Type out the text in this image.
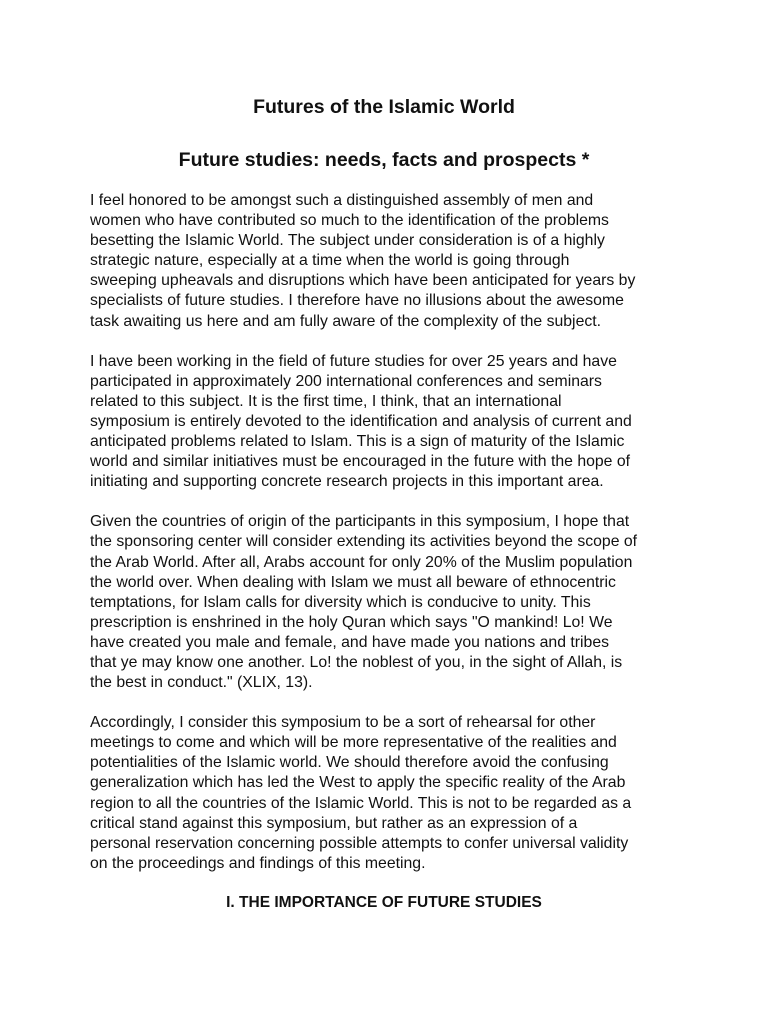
Futures of the Islamic World
Future studies: needs, facts and prospects *

I feel honored to be amongst such a distinguished assembly of men and
women who have contributed so much to the identification of the problems
besetting the Islamic World. The subject under consideration is of a highly
strategic nature, especially at a time when the world is going through
sweeping upheavals and disruptions which have been anticipated for years by
specialists of future studies. I therefore have no illusions about the awesome
task awaiting us here and am fully aware of the complexity of the subject.

I have been working in the field of future studies for over 25 years and have
participated in approximately 200 international conferences and seminars
related to this subject. It is the first time, I think, that an international
symposium is entirely devoted to the identification and analysis of current and
anticipated problems related to Islam. This is a sign of maturity of the Islamic
world and similar initiatives must be encouraged in the future with the hope of
initiating and supporting concrete research projects in this important area.

Given the countries of origin of the participants in this symposium, I hope that
the sponsoring center will consider extending its activities beyond the scope of
the Arab World. After all, Arabs account for only 20% of the Muslim population
the world over. When dealing with Islam we must all beware of ethnocentric
temptations, for Islam calls for diversity which is conducive to unity. This
prescription is enshrined in the holy Quran which says "O mankind! Lo! We
have created you male and female, and have made you nations and tribes
that ye may know one another. Lo! the noblest of you, in the sight of Allah, is
the best in conduct." (XLIX, 13).

Accordingly, I consider this symposium to be a sort of rehearsal for other
meetings to come and which will be more representative of the realities and
potentialities of the Islamic world. We should therefore avoid the confusing
generalization which has led the West to apply the specific reality of the Arab
region to all the countries of the Islamic World. This is not to be regarded as a
critical stand against this symposium, but rather as an expression of a
personal reservation concerning possible attempts to confer universal validity
on the proceedings and findings of this meeting.

I. THE IMPORTANCE OF FUTURE STUDIES
